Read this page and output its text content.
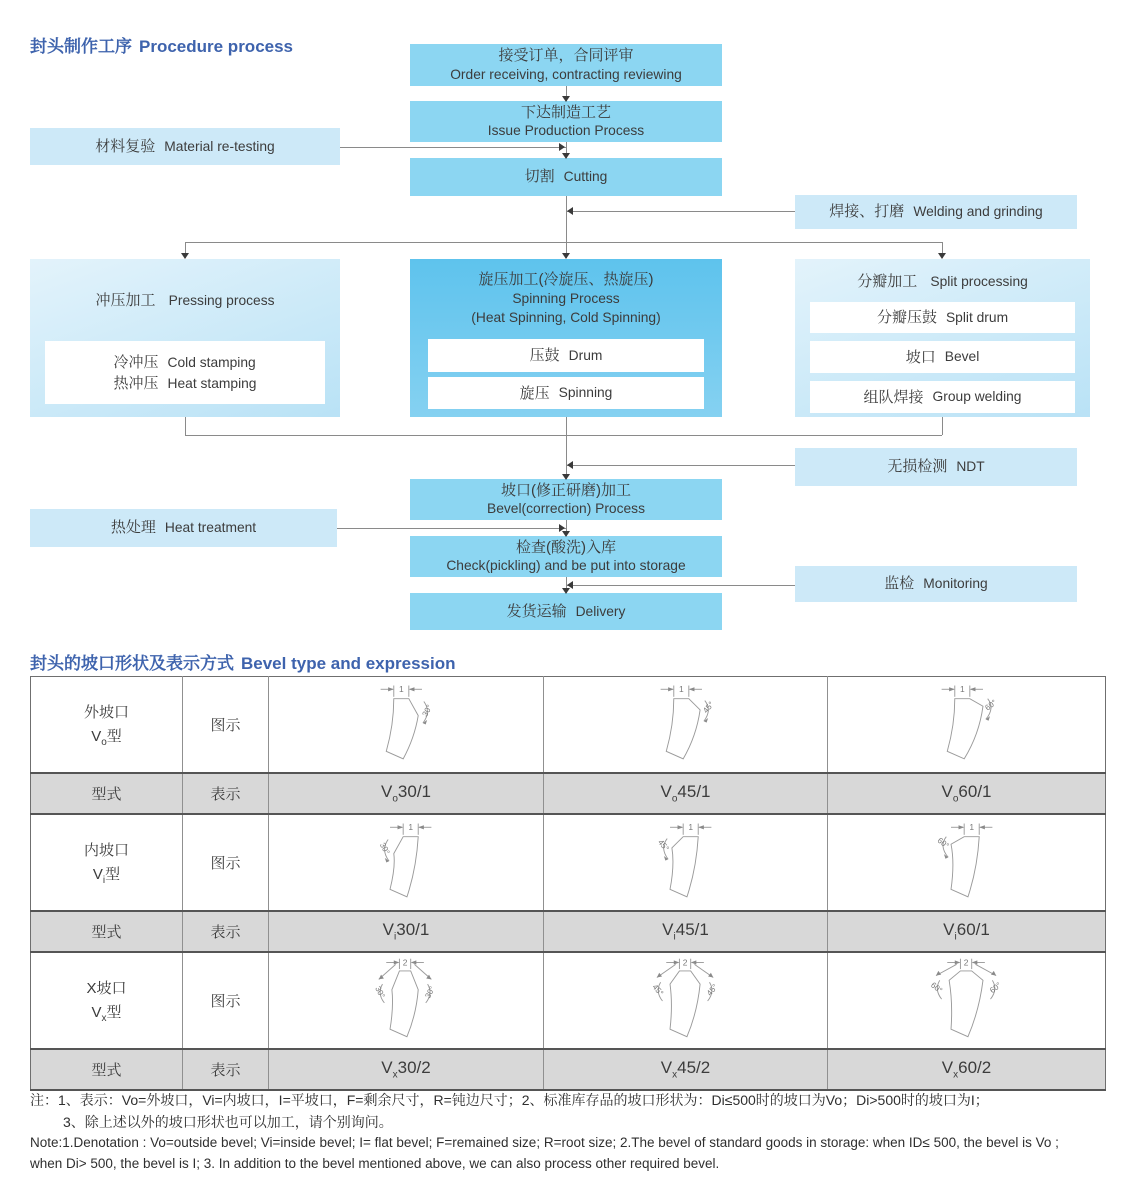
封头制作工序 Procedure process	接受订单，合同评审
Order receiving, contracting reviewing
下达制造工艺
Issue Production Process
切割 Cutting
材料复验 Material re-testing
焊接、打磨 Welding and grinding
冲压加工 Pressing process
冷冲压 Cold stamping
热冲压 Heat stamping
旋压加工(冷旋压、热旋压)
Spinning Process
(Heat Spinning, Cold Spinning)
压鼓 Drum
旋压 Spinning
分瓣加工 Split processing
分瓣压鼓 Split drum
坡口 Bevel
组队焊接 Group welding
无损检测 NDT
坡口(修正研磨)加工
Bevel(correction) Process
热处理 Heat treatment
检查(酸洗)入库
Check(pickling) and be put into storage
监检 Monitoring
发货运输 Delivery
封头的坡口形状及表示方式 Bevel type and expression
外坡口
$V_o$型
	图示	
1
30°

1
45°

1
60°

型式	表示	$V_o30/1$	$V_o45/1$	$V_o60/1$

内坡口
$V_i$型
	图示	
1
30°

1
45°

1
60°

型式	表示	$V_i30/1$	$V_i45/1$	$V_i60/1$

X坡口
$V_x$型
	图示	
2
30°	30°

2
45°	45°

2
60°	60°

型式	表示	$V_x30/2$	$V_x45/2$	$V_x60/2$
注：1、表示：Vo=外坡口，Vi=内坡口，I=平坡口，F=剩余尺寸，R=钝边尺寸；2、标准库存品的坡口形状为：Di≤500时的坡口为Vo；Di>500时的坡口为I；
3、除上述以外的坡口形状也可以加工，请个别询问。
Note:1.Denotation : Vo=outside bevel; Vi=inside bevel; I= flat bevel; F=remained size; R=root size; 2.The bevel of standard goods in storage: when ID≤ 500, the bevel is Vo ;
when Di> 500, the bevel is I; 3. In addition to the bevel mentioned above, we can also process other required bevel.
